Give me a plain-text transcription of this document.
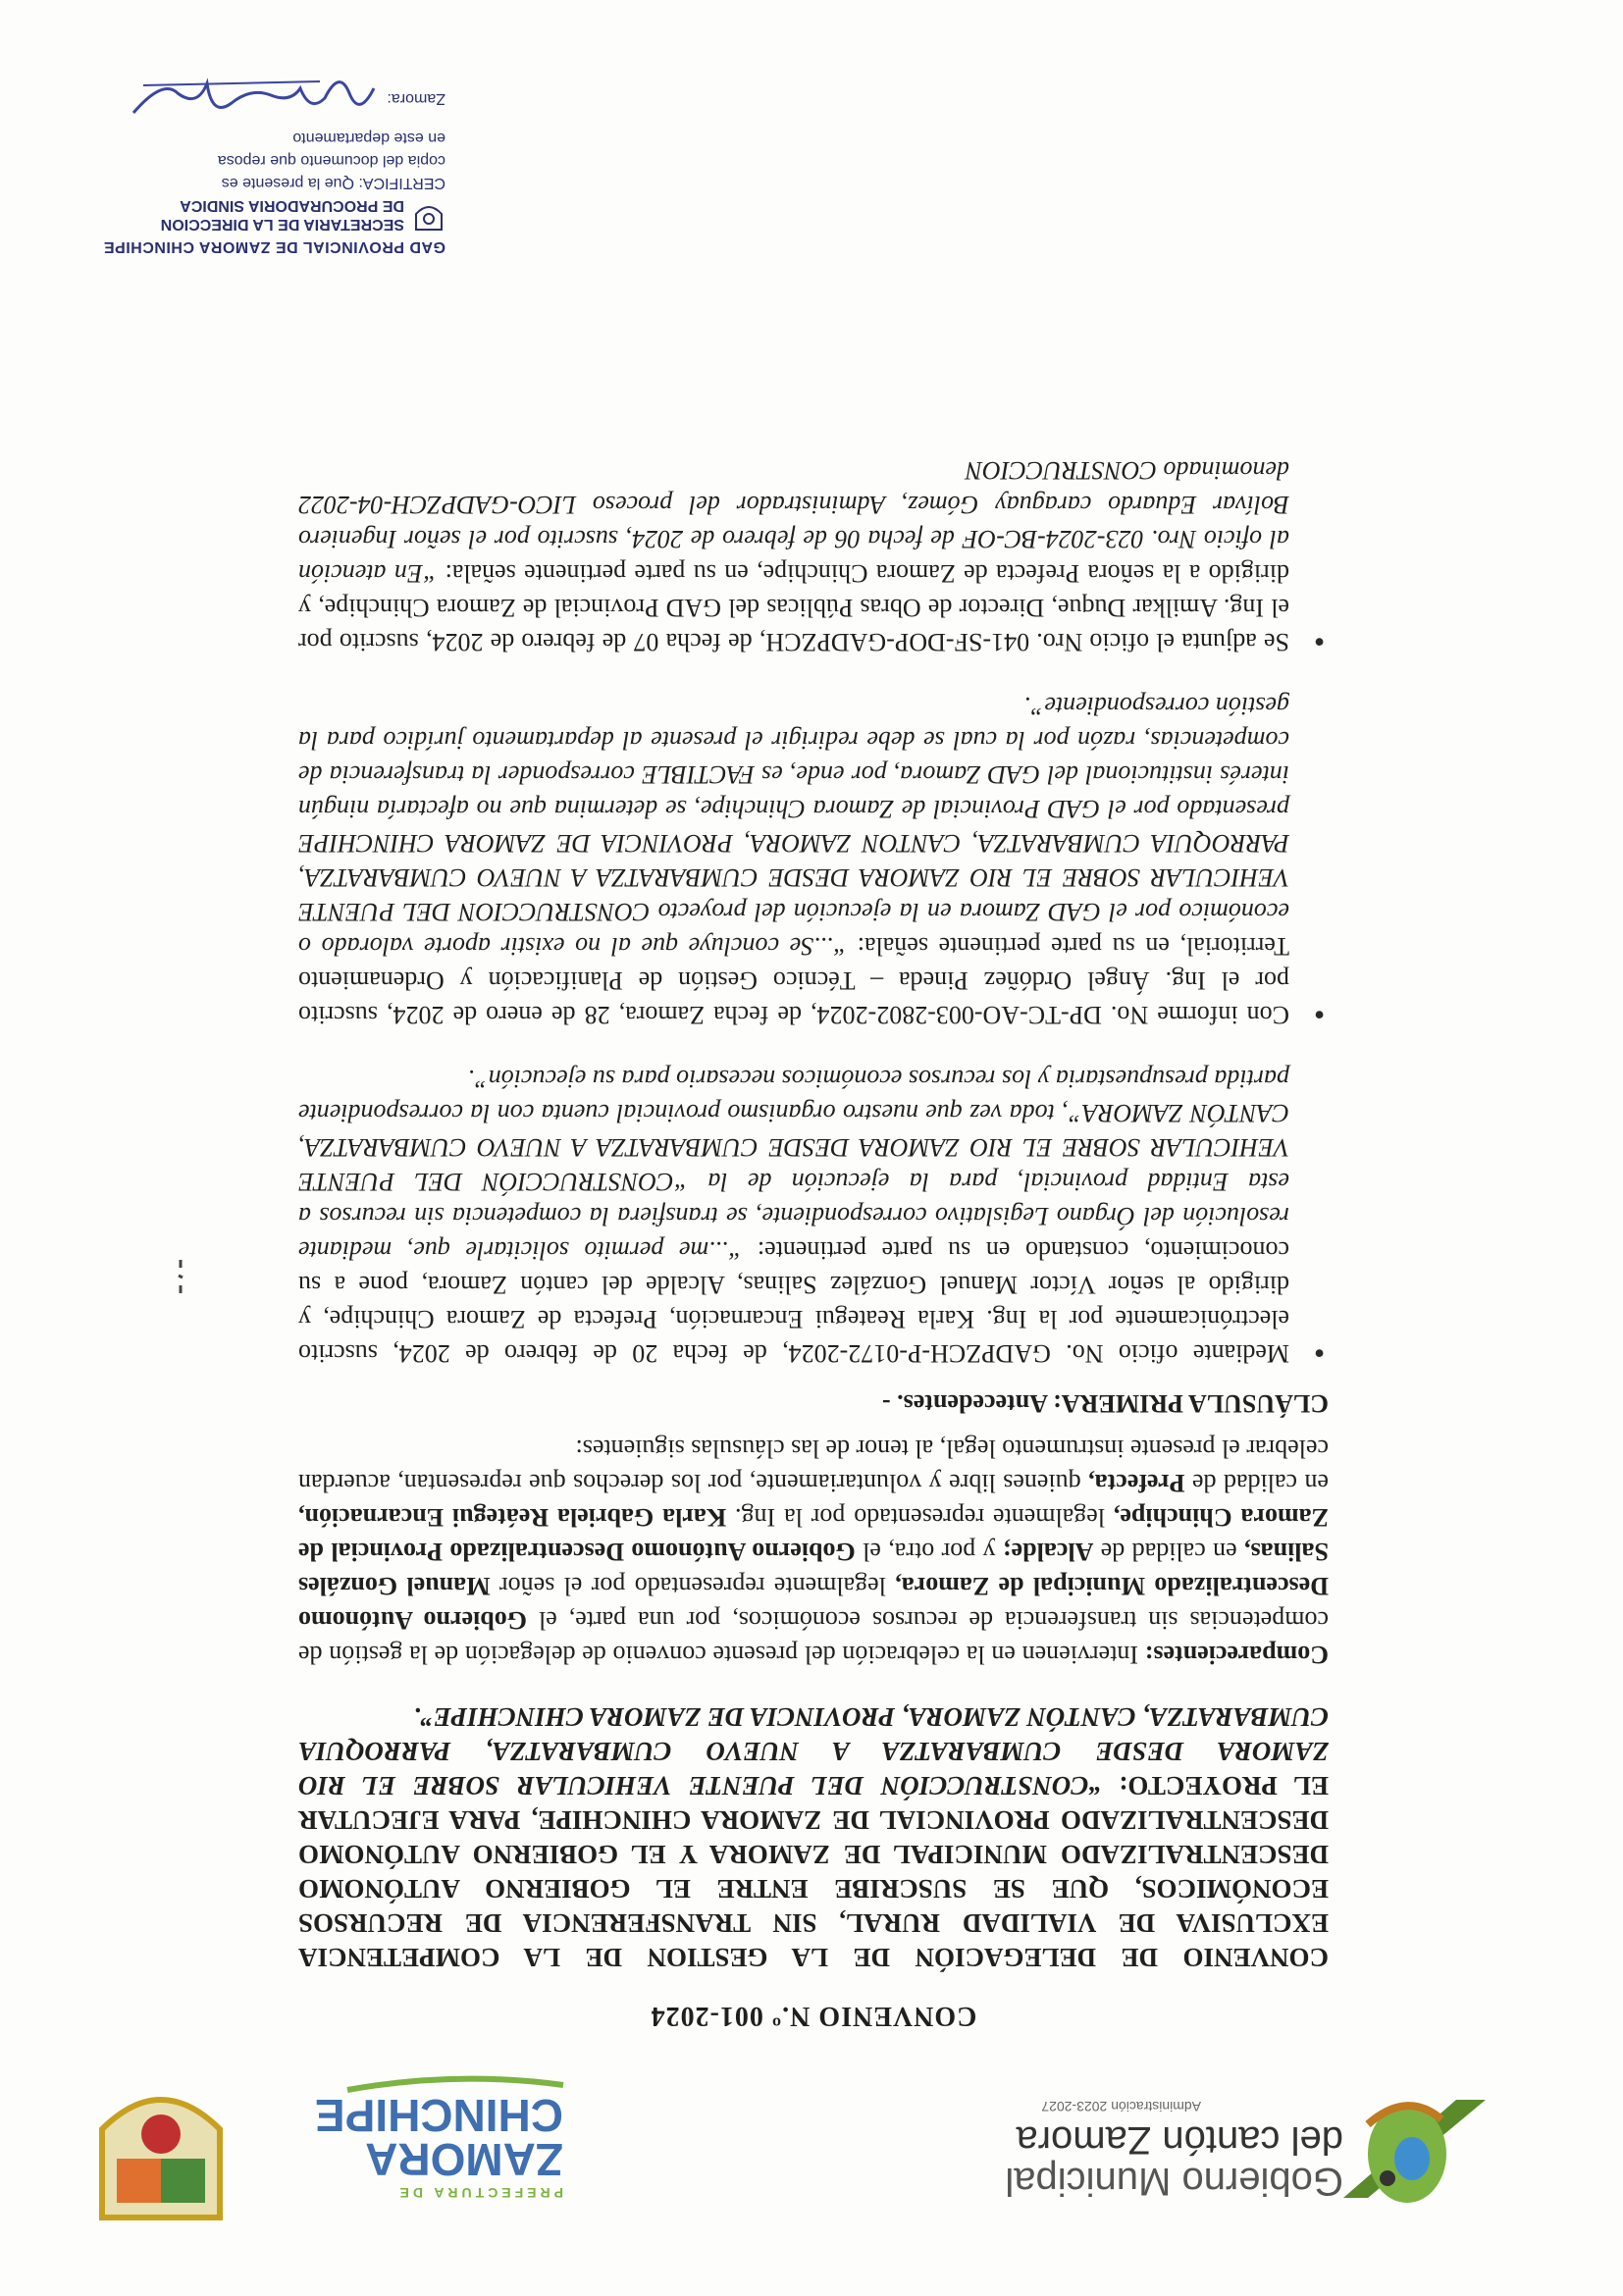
Gobierno Municipal
del cantón Zamora
Administración 2023-2027
PREFECTURA DE
ZAMORA
CHINCHIPE
CONVENIO N.º 001-2024
CONVENIO DE DELEGACIÓN DE LA GESTION DE LA COMPETENCIA EXCLUSIVA DE VIALIDAD RURAL, SIN TRANSFERENCIA DE RECURSOS ECONÓMICOS, QUE SE SUSCRIBE ENTRE EL GOBIERNO AUTÓNOMO DESCENTRALIZADO MUNICIPAL DE ZAMORA Y EL GOBIERNO AUTÓNOMO DESCENTRALIZADO PROVINCIAL DE ZAMORA CHINCHIPE, PARA EJECUTAR EL PROYECTO: “CONSTRUCCIÓN DEL PUENTE VEHICULAR SOBRE EL RIO ZAMORA DESDE CUMBARATZA A NUEVO CUMBARATZA, PARROQUIA CUMBARATZA, CANTÓN ZAMORA, PROVINCIA DE ZAMORA CHINCHIPE”.

Comparecientes: Intervienen en la celebración del presente convenio de delegación de la gestión de competencias sin transferencia de recursos económicos, por una parte, el Gobierno Autónomo Descentralizado Municipal de Zamora, legalmente representado por el señor Manuel Gonzáles Salinas, en calidad de Alcalde; y por otra, el Gobierno Autónomo Descentralizado Provincial de Zamora Chinchipe, legalmente representado por la Ing. Karla Gabriela Reátegui Encarnación, en calidad de Prefecta, quienes libre y voluntariamente, por los derechos que representan, acuerdan celebrar el presente instrumento legal, al tenor de las cláusulas siguientes:

CLÁUSULA PRIMERA: Antecedentes. -
● Mediante oficio No. GADPZCH-P-0172-2024, de fecha 20 de febrero de 2024, suscrito electrónicamente por la Ing. Karla Reategui Encarnación, Prefecta de Zamora Chinchipe, y dirigido al señor Víctor Manuel González Salinas, Alcalde del cantón Zamora, pone a su conocimiento, constando en su parte pertinente: “...me permito solicitarle que, mediante resolución del Órgano Legislativo correspondiente, se transfiera la competencia sin recursos a esta Entidad provincial, para la ejecución de la “CONSTRUCCIÓN DEL PUENTE VEHICULAR SOBRE EL RIO ZAMORA DESDE CUMBARATZA A NUEVO CUMBARATZA, CANTÓN ZAMORA”, toda vez que nuestro organismo provincial cuenta con la correspondiente partida presupuestaria y los recursos económicos necesario para su ejecución”.
● Con informe No. DP-TC-AO-003-2802-2024, de fecha Zamora, 28 de enero de 2024, suscrito por el Ing. Ángel Ordóñez Pineda – Técnico Gestión de Planificación y Ordenamiento Territorial, en su parte pertinente señala: “...Se concluye que al no existir aporte valorado o económico por el GAD Zamora en la ejecución del proyecto CONSTRUCCION DEL PUENTE VEHICULAR SOBRE EL RIO ZAMORA DESDE CUMBARATZA A NUEVO CUMBARATZA, PARROQUIA CUMBARATZA, CANTON ZAMORA, PROVINCIA DE ZAMORA CHINCHIPE presentado por el GAD Provincial de Zamora Chinchipe, se determina que no afectaría ningún interés institucional del GAD Zamora, por ende, es FACTIBLE corresponder la transferencia de competencias, razón por la cual se debe redirigir el presente al departamento jurídico para la gestión correspondiente”.
● Se adjunta el oficio Nro. 041-SF-DOP-GADPZCH, de fecha 07 de febrero de 2024, suscrito por el Ing. Amilkar Duque, Director de Obras Públicas del GAD Provincial de Zamora Chinchipe, y dirigido a la señora Prefecta de Zamora Chinchipe, en su parte pertinente señala: “En atención al oficio Nro. 023-2024-BC-OF de fecha 06 de febrero de 2024, suscrito por el señor Ingeniero Bolívar Eduardo caraguay Gómez, Administrador del proceso LICO-GADPZCH-04-2022 denominado CONSTRUCCION
GAD PROVINCIAL DE ZAMORA CHINCHIPE
SECRETARIA DE LA DIRECCION
DE PROCURADORIA SINDICA
CERTIFICA: Que la presente es
copia del documento que reposa
en este departamento
Zamora:
